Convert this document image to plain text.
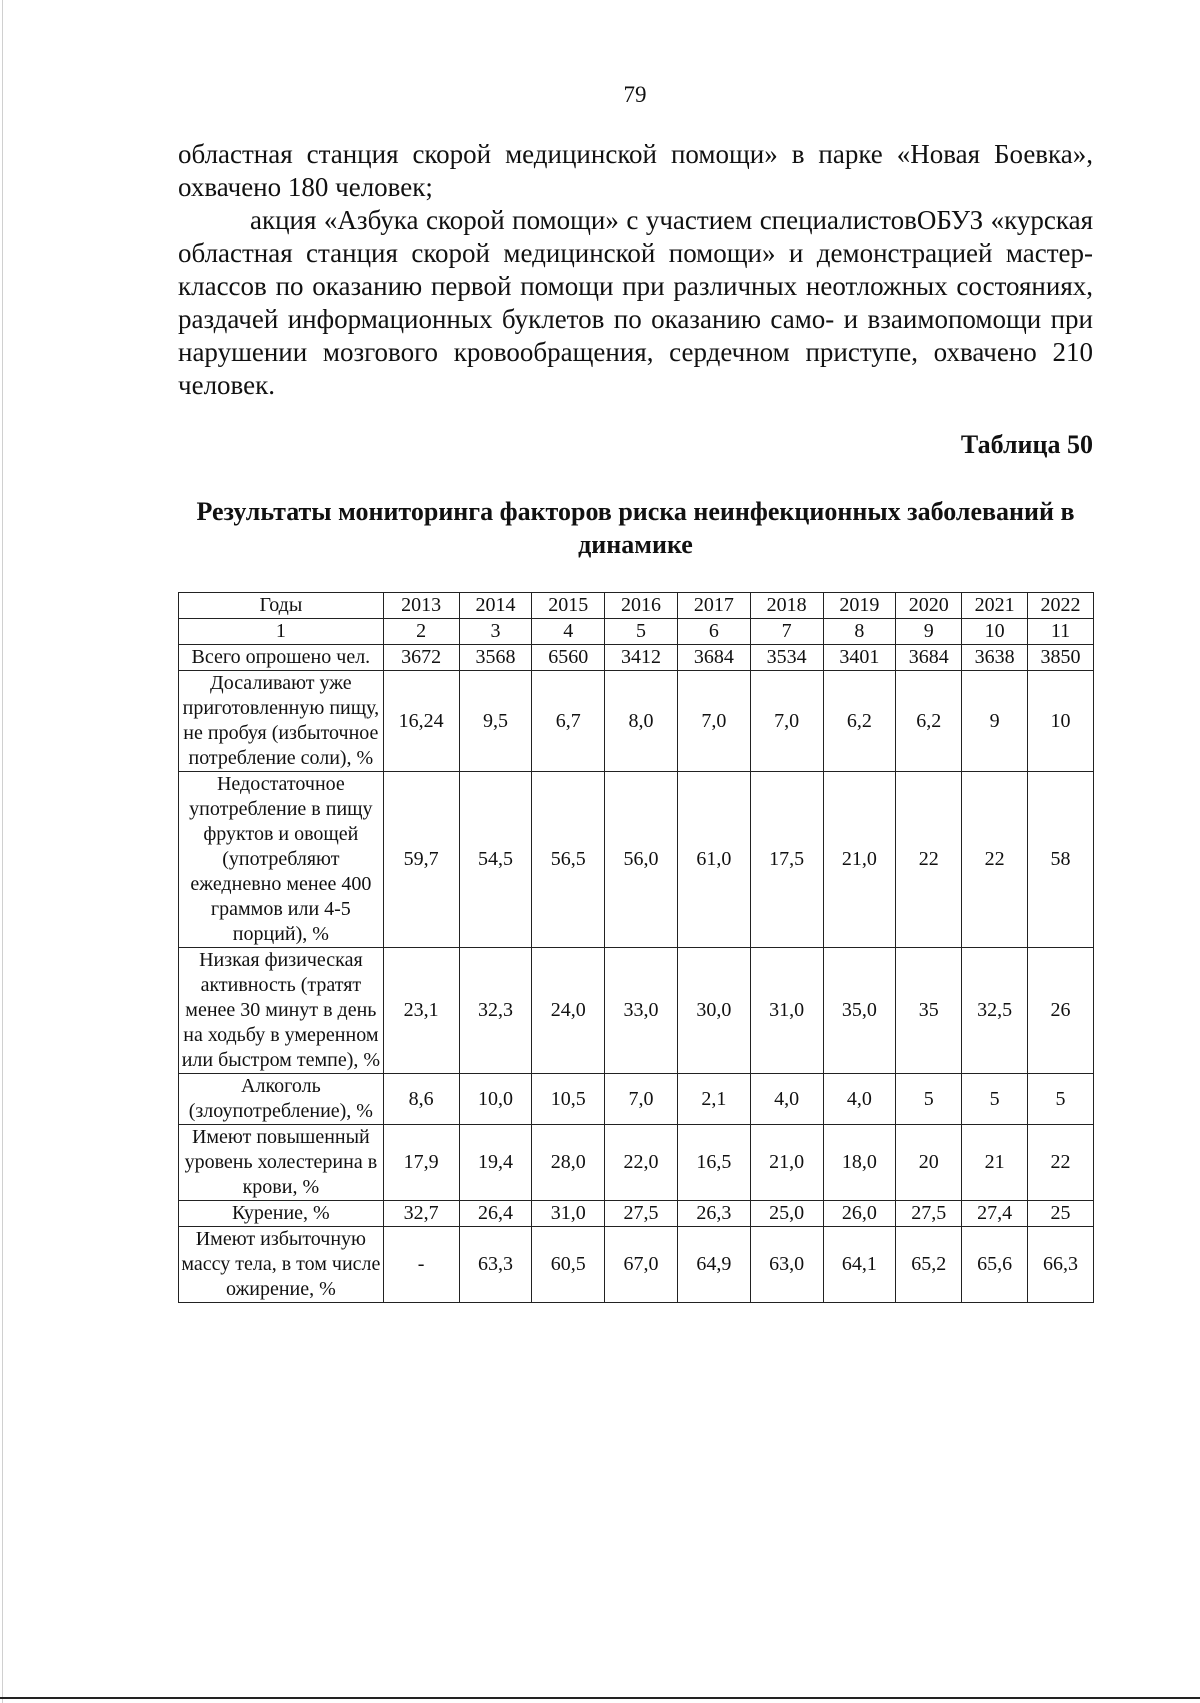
79

областная станция скорой медицинской помощи» в парке «Новая Боевка», охвачено 180 человек;

акция «Азбука скорой помощи» с участием специалистовОБУЗ «курская областная станция скорой медицинской помощи» и демонстрацией мастер-классов по оказанию первой помощи при различных неотложных состояниях, раздачей информационных буклетов по оказанию само- и взаимопомощи при нарушении мозгового кровообращения, сердечном приступе, охвачено 210 человек.

Таблица 50
Результаты мониторинга факторов риска неинфекционных заболеваний в динамике
Годы	2013	2014	2015	2016	2017	2018	2019	2020	2021	2022
1	2	3	4	5	6	7	8	9	10	11
Всего опрошено чел.	3672	3568	6560	3412	3684	3534	3401	3684	3638	3850
Досаливают уже приготовленную пищу, не пробуя (избыточное потребление соли), %	16,24	9,5	6,7	8,0	7,0	7,0	6,2	6,2	9	10
Недостаточное употребление в пищу фруктов и овощей (употребляют ежедневно менее 400 граммов или 4-5 порций), %	59,7	54,5	56,5	56,0	61,0	17,5	21,0	22	22	58
Низкая физическая активность (тратят менее 30 минут в день на ходьбу в умеренном или быстром темпе), %	23,1	32,3	24,0	33,0	30,0	31,0	35,0	35	32,5	26
Алкоголь (злоупотребление), %	8,6	10,0	10,5	7,0	2,1	4,0	4,0	5	5	5
Имеют повышенный уровень холестерина в крови, %	17,9	19,4	28,0	22,0	16,5	21,0	18,0	20	21	22
Курение, %	32,7	26,4	31,0	27,5	26,3	25,0	26,0	27,5	27,4	25
Имеют избыточную массу тела, в том числе ожирение, %	-	63,3	60,5	67,0	64,9	63,0	64,1	65,2	65,6	66,3
